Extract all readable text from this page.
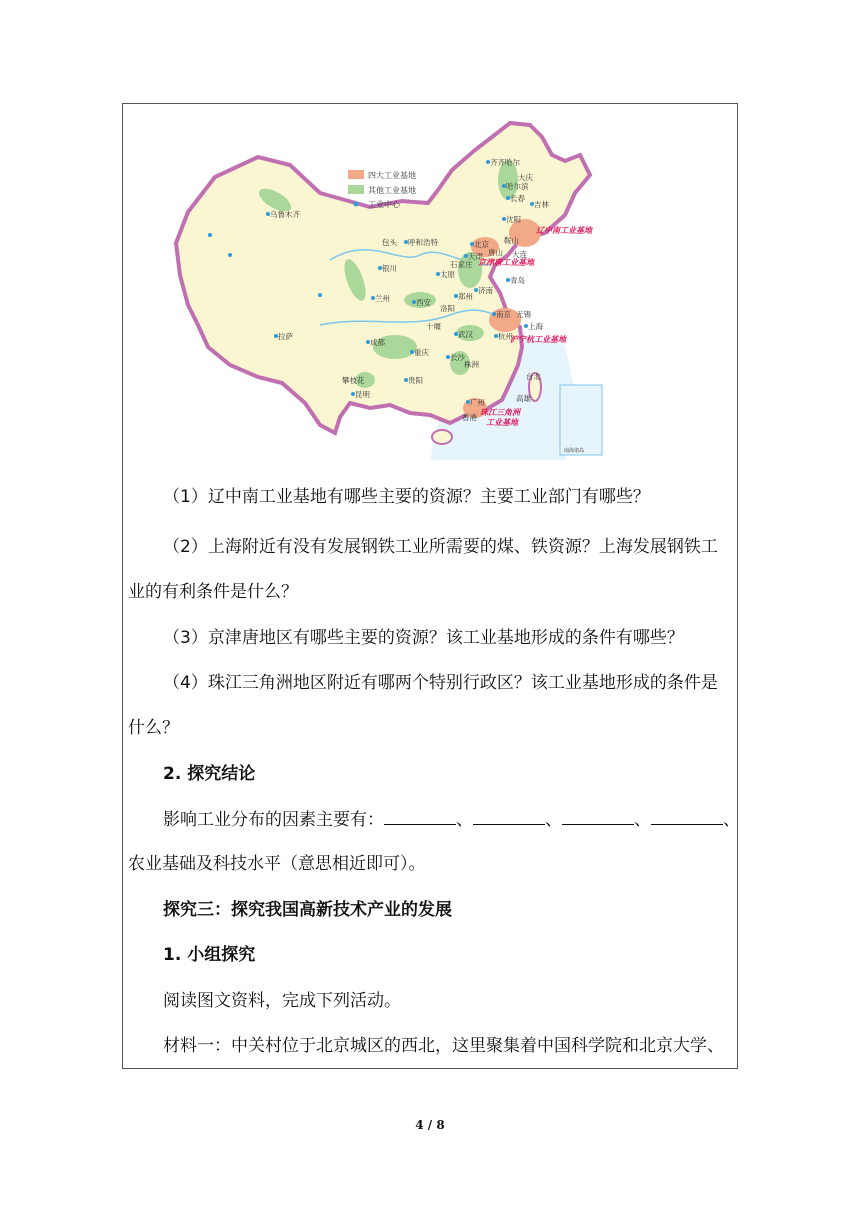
四大工业基地
其他工业基地
工业中心
辽中南工业基地
京津唐工业基地
沪宁杭工业基地
珠江三角洲
工业基地
齐齐哈尔
大庆
哈尔滨
长春
吉林
沈阳
鞍山
大连
北京
唐山
天津
乌鲁木齐
包头 呼和浩特
太原
石家庄
银川
济南
青岛
兰州	西安
洛阳
郑州
南京 无锡
上海
十堰
杭州
武汉
拉萨
成都
重庆
长沙
株洲
台北
攀枝花	贵阳
昆明
广州
香港
高雄
南海诸岛
（1）辽中南工业基地有哪些主要的资源？主要工业部门有哪些？
（2）上海附近有没有发展钢铁工业所需要的煤、铁资源？上海发展钢铁工
业的有利条件是什么？
（3）京津唐地区有哪些主要的资源？该工业基地形成的条件有哪些？
（4）珠江三角洲地区附近有哪两个特别行政区？该工业基地形成的条件是
什么？
2. 探究结论
影响工业分布的因素主要有：	、	、	、	、
农业基础及科技水平（意思相近即可）。
探究三：探究我国高新技术产业的发展
1. 小组探究
阅读图文资料，完成下列活动。
材料一：中关村位于北京城区的西北，这里聚集着中国科学院和北京大学、
4 / 8
